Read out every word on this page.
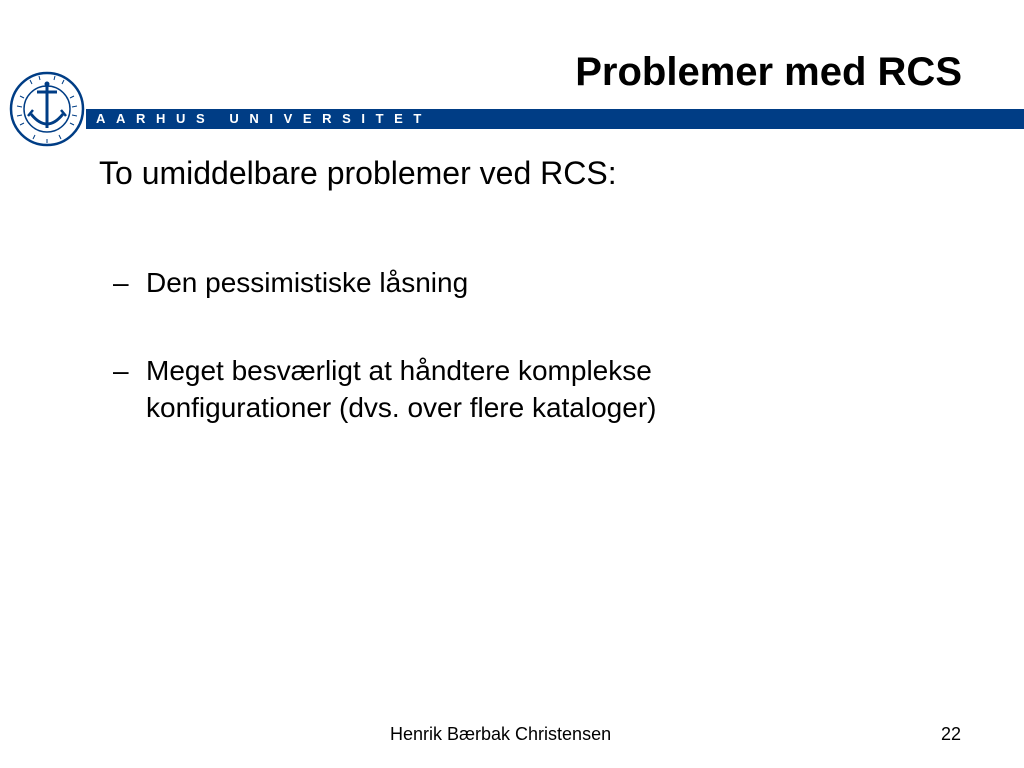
Problemer med RCS
AARHUS UNIVERSITET
To umiddelbare problemer ved RCS:
– Den pessimistiske låsning
– Meget besværligt at håndtere komplekse konfigurationer (dvs. over flere kataloger)
Henrik Bærbak Christensen	22
